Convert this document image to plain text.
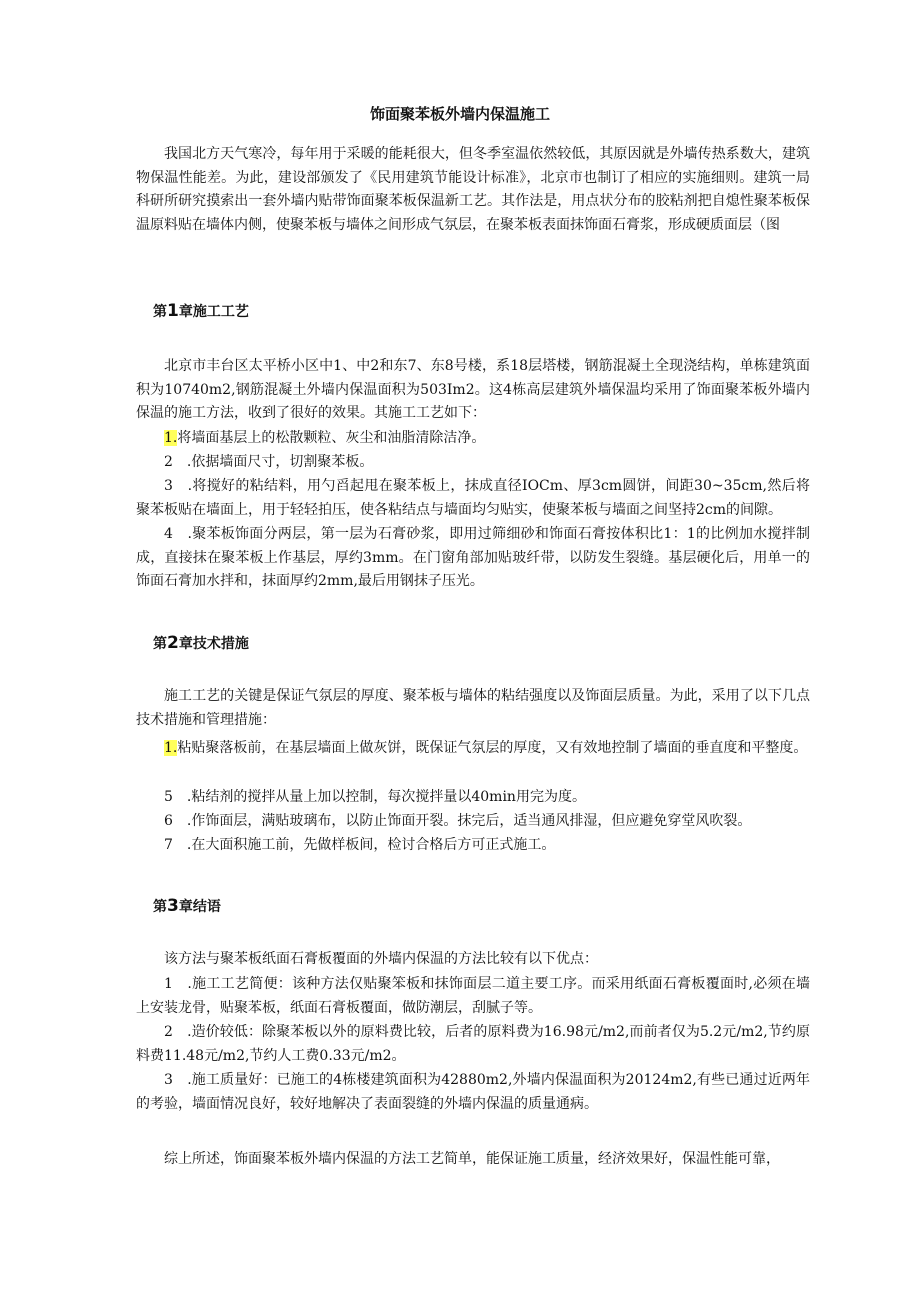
饰面聚苯板外墙内保温施工

我国北方天气寒冷，每年用于采暖的能耗很大，但冬季室温依然较低，其原因就是外墙传热系数大，建筑物保温性能差。为此，建设部颁发了《民用建筑节能设计标准》，北京市也制订了相应的实施细则。建筑一局科研所研究摸索出一套外墙内贴带饰面聚苯板保温新工艺。其作法是，用点状分布的胶粘剂把自熄性聚苯板保温原料贴在墙体内侧，使聚苯板与墙体之间形成气氛层，在聚苯板表面抹饰面石膏浆，形成硬质面层（图

第1章施工工艺

北京市丰台区太平桥小区中1、中2和东7、东8号楼，系18层塔楼，钢筋混凝土全现浇结构，单栋建筑面积为10740m2,钢筋混凝土外墙内保温面积为503Im2。这4栋高层建筑外墙保温均采用了饰面聚苯板外墙内保温的施工方法，收到了很好的效果。其施工工艺如下：

1.将墙面基层上的松散颗粒、灰尘和油脂清除洁净。

2　.依据墙面尺寸，切割聚苯板。

3　.将搅好的粘结料，用勺舀起甩在聚苯板上，抹成直径IOCm、厚3cm圆饼，间距30~35cm,然后将聚苯板贴在墙面上，用于轻轻拍压，使各粘结点与墙面均匀贴实，使聚苯板与墙面之间坚持2cm的间隙。

4　.聚苯板饰面分两层，第一层为石膏砂浆，即用过筛细砂和饰面石膏按体积比1：1的比例加水搅拌制成，直接抹在聚苯板上作基层，厚约3mm。在门窗角部加贴玻纤带，以防发生裂缝。基层硬化后，用单一的饰面石膏加水拌和，抹面厚约2mm,最后用钢抹子压光。

第2章技术措施

施工工艺的关键是保证气氛层的厚度、聚苯板与墙体的粘结强度以及饰面层质量。为此，采用了以下几点技术措施和管理措施：

1.粘贴聚落板前，在基层墙面上做灰饼，既保证气氛层的厚度，又有效地控制了墙面的垂直度和平整度。

5　.粘结剂的搅拌从量上加以控制，每次搅拌量以40min用完为度。

6　.作饰面层，满贴玻璃布，以防止饰面开裂。抹完后，适当通风排湿，但应避免穿堂风吹裂。

7　.在大面积施工前，先做样板间，检讨合格后方可正式施工。

第3章结语

该方法与聚苯板纸面石膏板覆面的外墙内保温的方法比较有以下优点：

1　.施工工艺简便：该种方法仅贴聚笨板和抹饰面层二道主要工序。而采用纸面石膏板覆面时,必须在墙上安装龙骨，贴聚苯板，纸面石膏板覆面，做防潮层，刮腻子等。

2　.造价较低：除聚苯板以外的原料费比较，后者的原料费为16.98元/m2,而前者仅为5.2元/m2,节约原料费11.48元/m2,节约人工费0.33元/m2。

3　.施工质量好：已施工的4栋楼建筑面积为42880m2,外墙内保温面积为20124m2,有些已通过近两年的考验，墙面情况良好，较好地解决了表面裂缝的外墙内保温的质量通病。

综上所述，饰面聚苯板外墙内保温的方法工艺简单，能保证施工质量，经济效果好，保温性能可靠，
